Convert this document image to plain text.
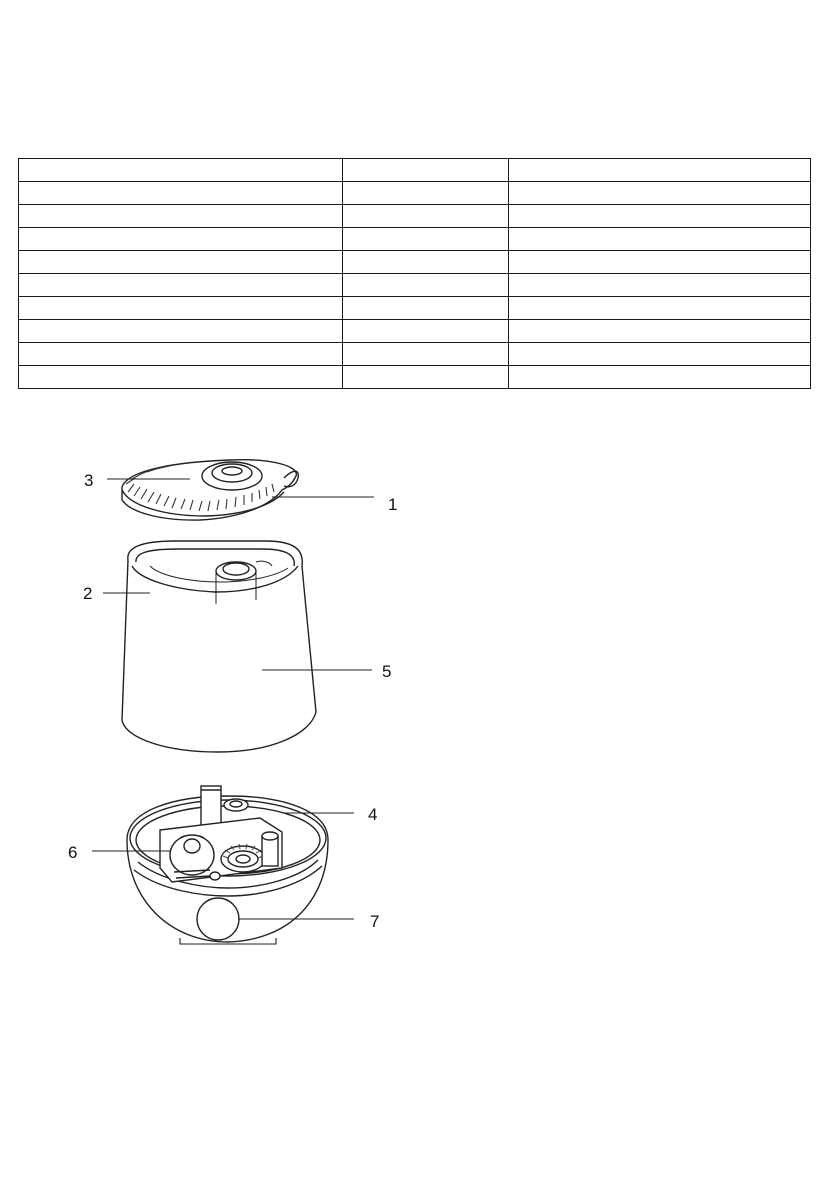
3
1
2
5
4
6
7
